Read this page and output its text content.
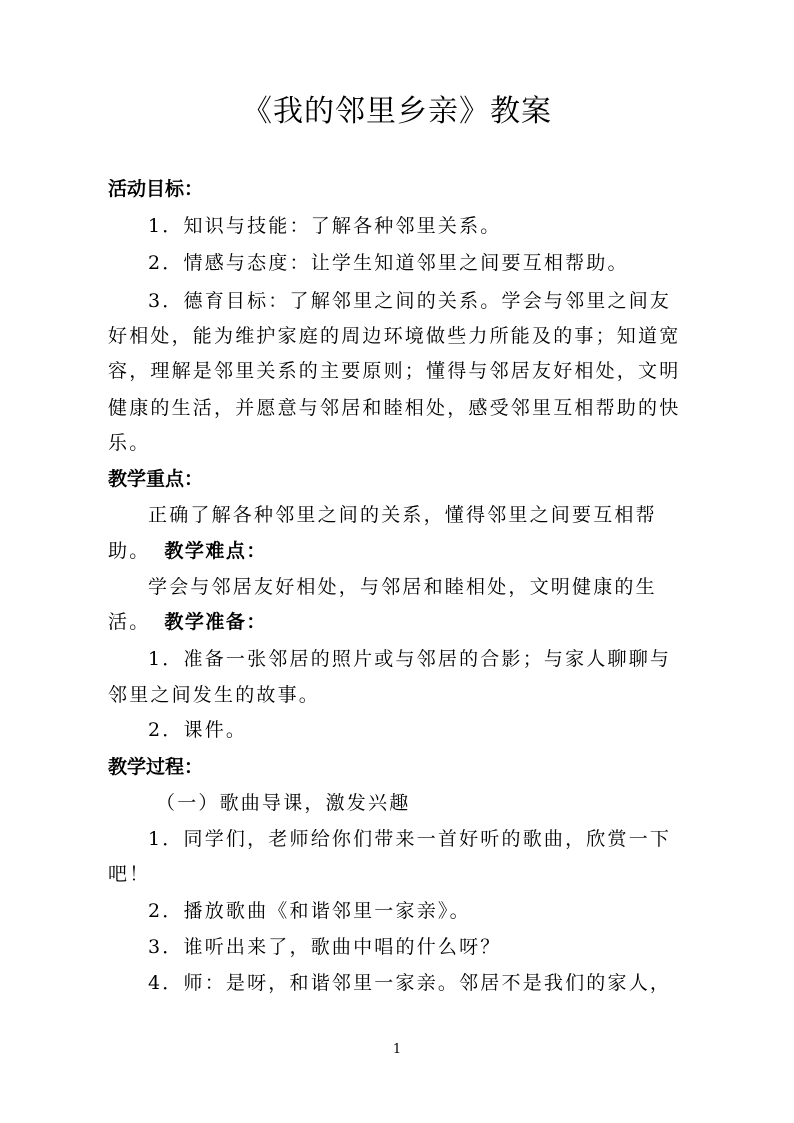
《我的邻里乡亲》教案
活动目标：
1．知识与技能：了解各种邻里关系。
2．情感与态度：让学生知道邻里之间要互相帮助。
3．德育目标：了解邻里之间的关系。学会与邻里之间友
好相处，能为维护家庭的周边环境做些力所能及的事；知道宽
容，理解是邻里关系的主要原则；懂得与邻居友好相处，文明
健康的生活，并愿意与邻居和睦相处，感受邻里互相帮助的快
乐。
教学重点：
正确了解各种邻里之间的关系，懂得邻里之间要互相帮
助。 教学难点：
学会与邻居友好相处，与邻居和睦相处，文明健康的生
活。 教学准备：
1．准备一张邻居的照片或与邻居的合影；与家人聊聊与
邻里之间发生的故事。
2．课件。
教学过程：
（一）歌曲导课，激发兴趣
1．同学们，老师给你们带来一首好听的歌曲，欣赏一下
吧！
2．播放歌曲《和谐邻里一家亲》。
3．谁听出来了，歌曲中唱的什么呀？
4．师：是呀，和谐邻里一家亲。邻居不是我们的家人，
1
